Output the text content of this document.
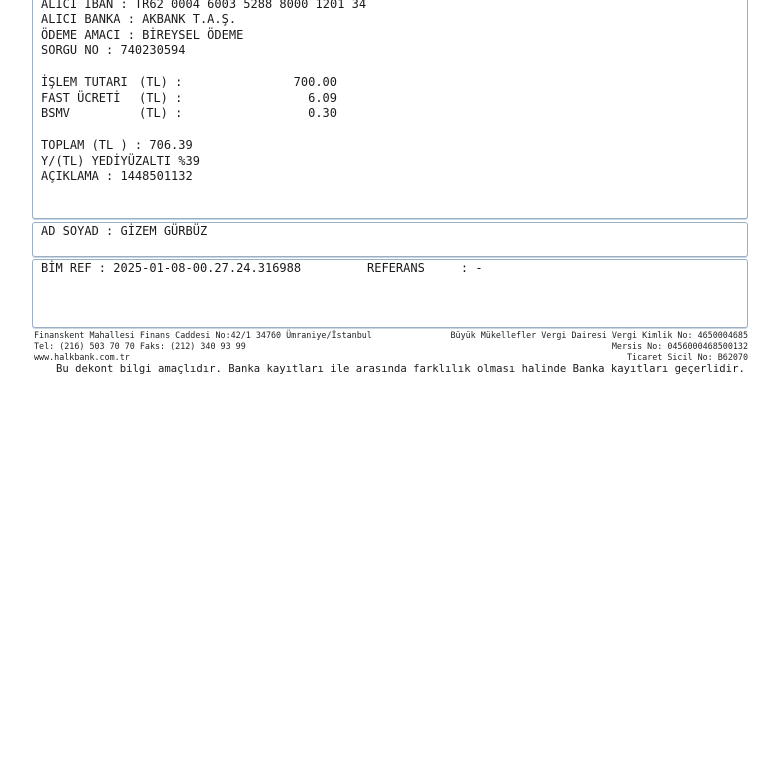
ALICI IBAN : TR62 0004 6003 5288 8000 1201 34
ALICI BANKA : AKBANK T.A.Ş.
ÖDEME AMACI : BİREYSEL ÖDEME
SORGU NO : 740230594
İŞLEM TUTARI (TL) :	700.00
FAST ÜCRETİ (TL) :	6.09
BSMV	(TL) :	0.30
TOPLAM (TL ) : 706.39
Y/(TL) YEDİYÜZALTI %39
AÇIKLAMA : 1448501132
AD SOYAD : GİZEM GÜRBÜZ
BİM REF : 2025-01-08-00.27.24.316988	REFERANS     : -
Finanskent Mahallesi Finans Caddesi No:42/1 34760 Ümraniye/İstanbul
Tel: (216) 503 70 70 Faks: (212) 340 93 99
www.halkbank.com.tr
Büyük Mükellefler Vergi Dairesi Vergi Kimlik No: 4650004685
Mersis No: 0456000468500132
Ticaret Sicil No: B62070
Bu dekont bilgi amaçlıdır. Banka kayıtları ile arasında farklılık olması halinde Banka kayıtları geçerlidir.
